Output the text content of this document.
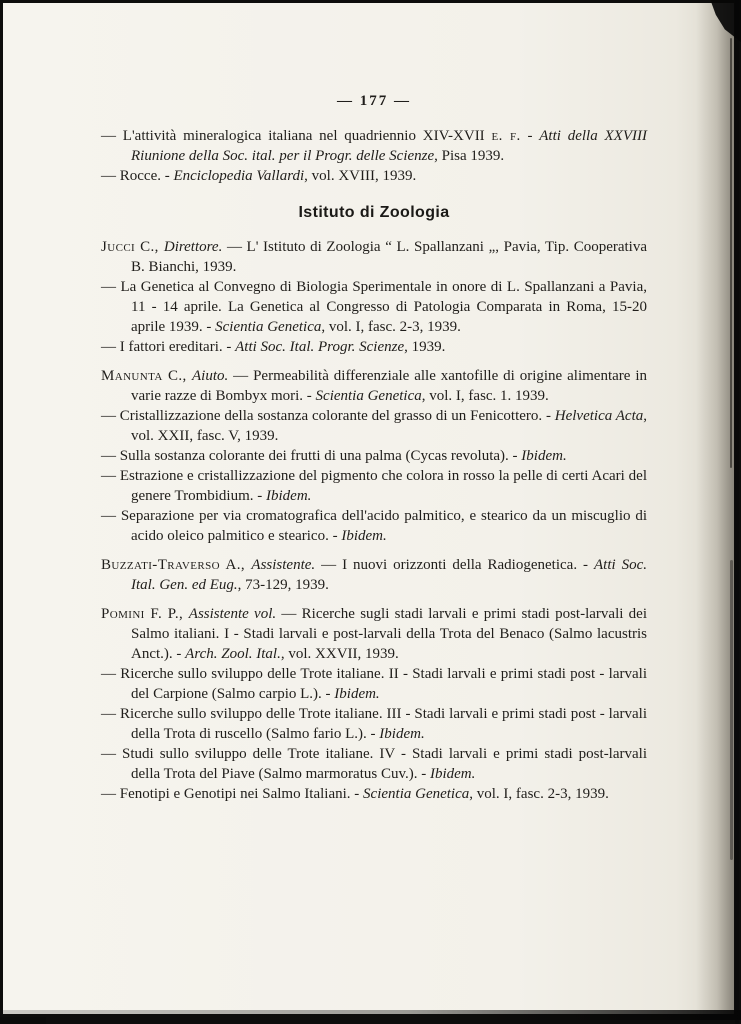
— 177 —

— L'attività mineralogica italiana nel quadriennio XIV-XVII e. f. - Atti della XXVIII Riunione della Soc. ital. per il Progr. delle Scienze, Pisa 1939.

— Rocce. - Enciclopedia Vallardi, vol. XVIII, 1939.

Istituto di Zoologia

Jucci C., Direttore. — L' Istituto di Zoologia “ L. Spallanzani „, Pavia, Tip. Cooperativa B. Bianchi, 1939.

— La Genetica al Convegno di Biologia Sperimentale in onore di L. Spallanzani a Pavia, 11 - 14 aprile. La Genetica al Congresso di Patologia Comparata in Roma, 15-20 aprile 1939. - Scientia Genetica, vol. I, fasc. 2-3, 1939.

— I fattori ereditari. - Atti Soc. Ital. Progr. Scienze, 1939.

Manunta C., Aiuto. — Permeabilità differenziale alle xantofille di origine alimentare in varie razze di Bombyx mori. - Scientia Genetica, vol. I, fasc. 1. 1939.

— Cristallizzazione della sostanza colorante del grasso di un Fenicottero. - Helvetica Acta, vol. XXII, fasc. V, 1939.

— Sulla sostanza colorante dei frutti di una palma (Cycas revoluta). - Ibidem.

— Estrazione e cristallizzazione del pigmento che colora in rosso la pelle di certi Acari del genere Trombidium. - Ibidem.

— Separazione per via cromatografica dell'acido palmitico, e stearico da un miscuglio di acido oleico palmitico e stearico. - Ibidem.

Buzzati-Traverso A., Assistente. — I nuovi orizzonti della Radiogenetica. - Atti Soc. Ital. Gen. ed Eug., 73-129, 1939.

Pomini F. P., Assistente vol. — Ricerche sugli stadi larvali e primi stadi post-larvali dei Salmo italiani. I - Stadi larvali e post-larvali della Trota del Benaco (Salmo lacustris Anct.). - Arch. Zool. Ital., vol. XXVII, 1939.

— Ricerche sullo sviluppo delle Trote italiane. II - Stadi larvali e primi stadi post - larvali del Carpione (Salmo carpio L.). - Ibidem.

— Ricerche sullo sviluppo delle Trote italiane. III - Stadi larvali e primi stadi post - larvali della Trota di ruscello (Salmo fario L.). - Ibidem.

— Studi sullo sviluppo delle Trote italiane. IV - Stadi larvali e primi stadi post-larvali della Trota del Piave (Salmo marmoratus Cuv.). - Ibidem.

— Fenotipi e Genotipi nei Salmo Italiani. - Scientia Genetica, vol. I, fasc. 2-3, 1939.
